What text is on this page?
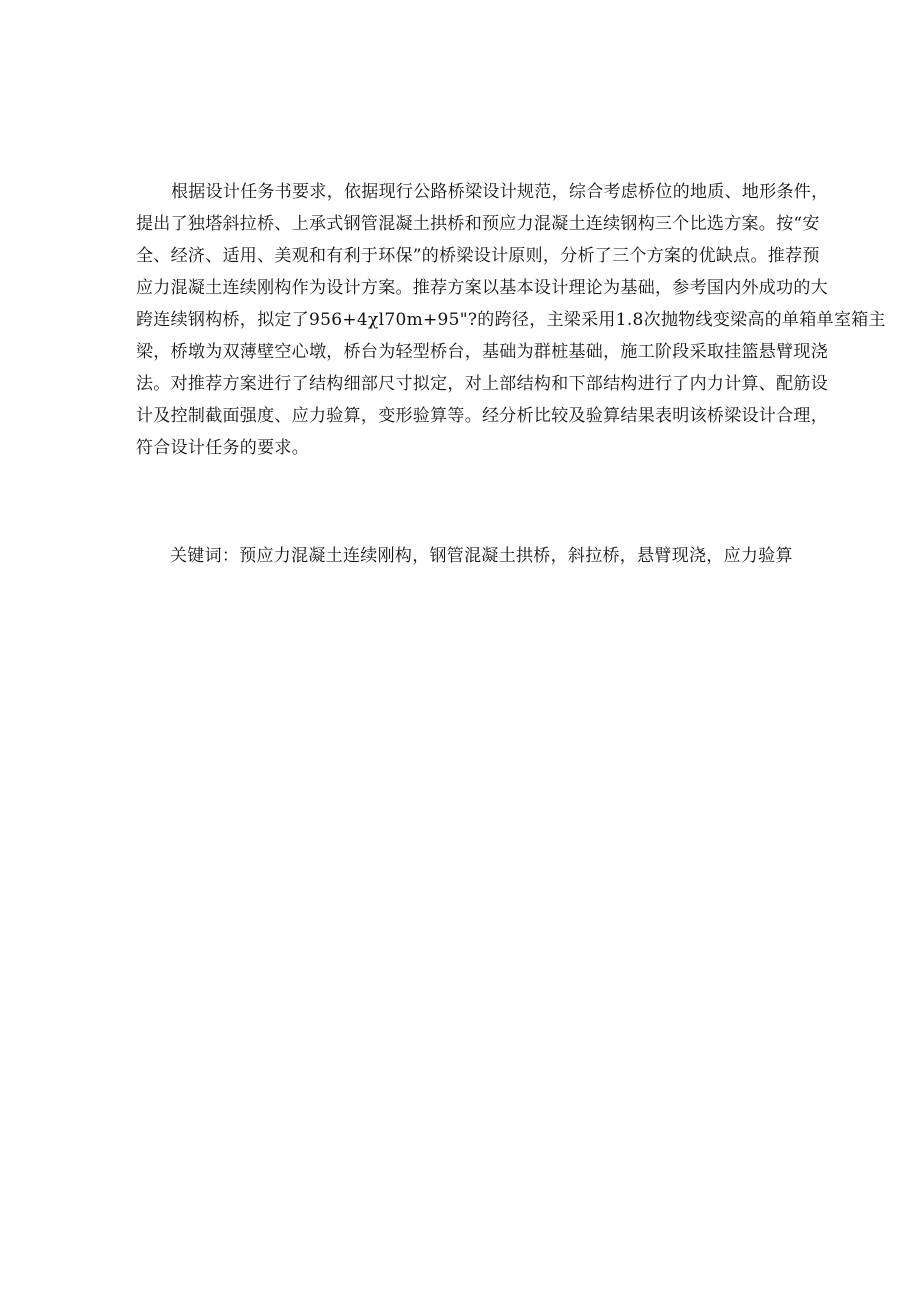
根据设计任务书要求，依据现行公路桥梁设计规范，综合考虑桥位的地质、地形条件，
提出了独塔斜拉桥、上承式钢管混凝土拱桥和预应力混凝土连续钢构三个比选方案。按“安
全、经济、适用、美观和有利于环保”的桥梁设计原则，分析了三个方案的优缺点。推荐预
应力混凝土连续刚构作为设计方案。推荐方案以基本设计理论为基础，参考国内外成功的大
跨连续钢构桥，拟定了956+4χl70m+95"?的跨径，主梁采用1.8次抛物线变梁高的单箱单室箱主
梁，桥墩为双薄壁空心墩，桥台为轻型桥台，基础为群桩基础，施工阶段采取挂篮悬臂现浇
法。对推荐方案进行了结构细部尺寸拟定，对上部结构和下部结构进行了内力计算、配筋设
计及控制截面强度、应力验算，变形验算等。经分析比较及验算结果表明该桥梁设计合理，
符合设计任务的要求。
关键词：预应力混凝土连续刚构，钢管混凝土拱桥，斜拉桥，悬臂现浇，应力验算
